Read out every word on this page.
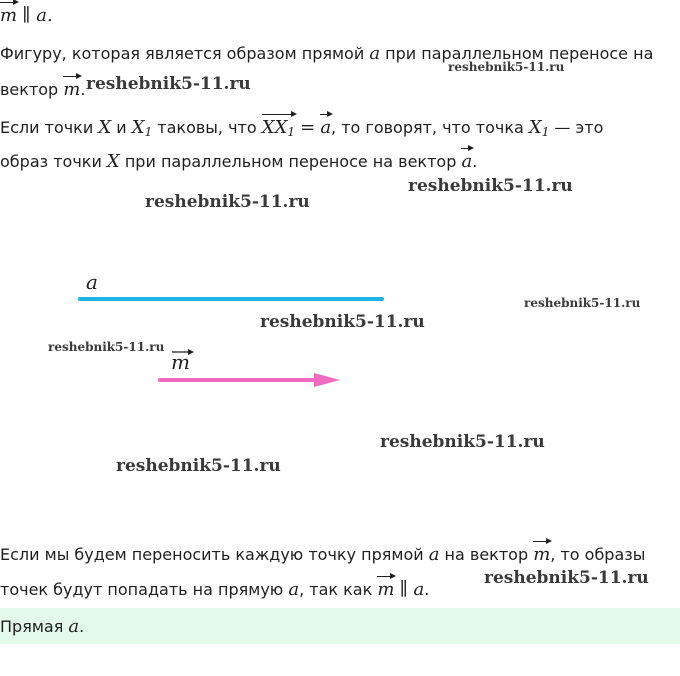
m ∥ a.
Фигуру, которая является образом прямой a при параллельном переносе на
вектор m.
Если точки X и $X_1$ таковы, что $XX_1 = a$, то говорят, что точка $X_1$ — это
образ точки X при параллельном переносе на вектор a.
a
m
Если мы будем переносить каждую точку прямой a на вектор m, то образы
точек будут попадать на прямую a, так как m ∥ a.
Прямая a.
reshebnik5-11.ru
reshebnik5-11.ru
reshebnik5-11.ru
reshebnik5-11.ru
reshebnik5-11.ru
reshebnik5-11.ru
reshebnik5-11.ru
reshebnik5-11.ru
reshebnik5-11.ru
reshebnik5-11.ru
